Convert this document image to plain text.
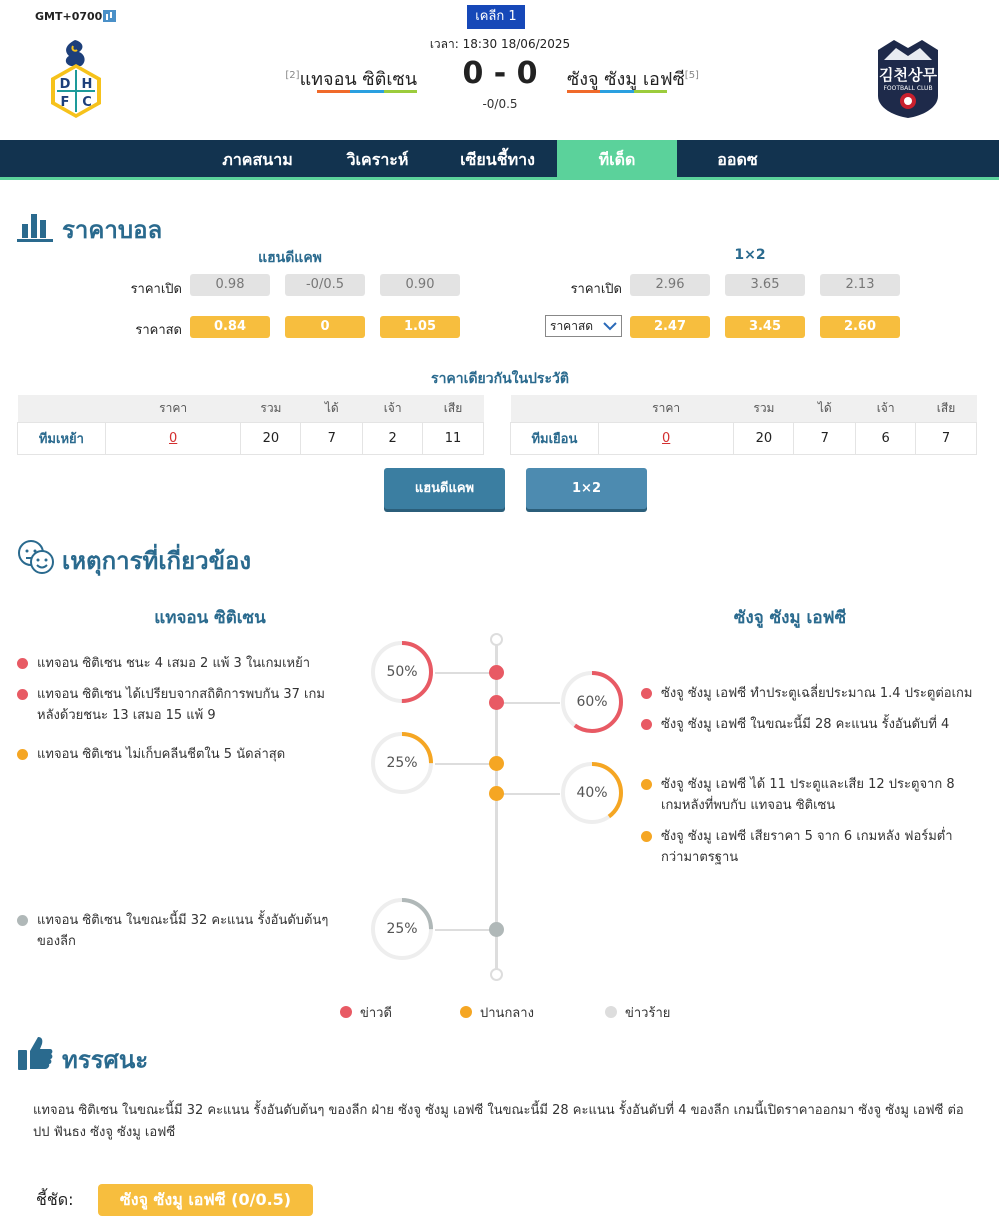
GMT+0700	เคลีก 1
เวลา: 18:30 18/06/2025
D H
F C
[2]แทจอน ซิติเซน	0 - 0
-0/0.5
ซังจู ซังมู เอฟซี[5]	김천상무
FOOTBALL CLUB
ภาคสนาม	วิเคราะห์	เซียนชี้ทาง	ทีเด็ด	ออดซ
ราคาบอล
แฮนดีแคพ	1×2
ราคาเปิด	0.98	-0/0.5	0.90
ราคาสด	0.84	0	1.05
ราคาเปิด	2.96	3.65	2.13
ราคาสด	2.47	3.45	2.60
ราคาเดียวกันในประวัติ
	ราคา	รวม	ได้	เจ้า	เสีย
ทีมเหย้า	0	20	7	2	11
	ราคา	รวม	ได้	เจ้า	เสีย
ทีมเยือน	0	20	7	6	7
แฮนดีแคพ	1×2
เหตุการที่เกี่ยวข้อง
แทจอน ซิติเซน	ซังจู ซังมู เอฟซี
แทจอน ซิติเซน ชนะ 4 เสมอ 2 แพ้ 3 ในเกมเหย้า
แทจอน ซิติเซน ได้เปรียบจากสถิติการพบกัน 37 เกม หลังด้วยชนะ 13 เสมอ 15 แพ้ 9
แทจอน ซิติเซน ไม่เก็บคลีนชีตใน 5 นัดล่าสุด
แทจอน ซิติเซน ในขณะนี้มี 32 คะแนน รั้งอันดับต้นๆ ของลีก
ซังจู ซังมู เอฟซี ทำประตูเฉลี่ยประมาณ 1.4 ประตูต่อเกม
ซังจู ซังมู เอฟซี ในขณะนี้มี 28 คะแนน รั้งอันดับที่ 4
ซังจู ซังมู เอฟซี ได้ 11 ประตูและเสีย 12 ประตูจาก 8 เกมหลังที่พบกับ แทจอน ซิติเซน
ซังจู ซังมู เอฟซี เสียราคา 5 จาก 6 เกมหลัง ฟอร์มต่ำกว่ามาตรฐาน
50%
60%
25%
40%
25%
ข่าวดี	ปานกลาง	ข่าวร้าย
ทรรศนะ
แทจอน ซิติเซน ในขณะนี้มี 32 คะแนน รั้งอันดับต้นๆ ของลีก ฝ่าย ซังจู ซังมู เอฟซี ในขณะนี้มี 28 คะแนน รั้งอันดับที่ 4 ของลีก เกมนี้เปิดราคาออกมา ซังจู ซังมู เอฟซี ต่อ ปป ฟันธง ซังจู ซังมู เอฟซี
ชี้ชัด:	ซังจู ซังมู เอฟซี (0/0.5)
